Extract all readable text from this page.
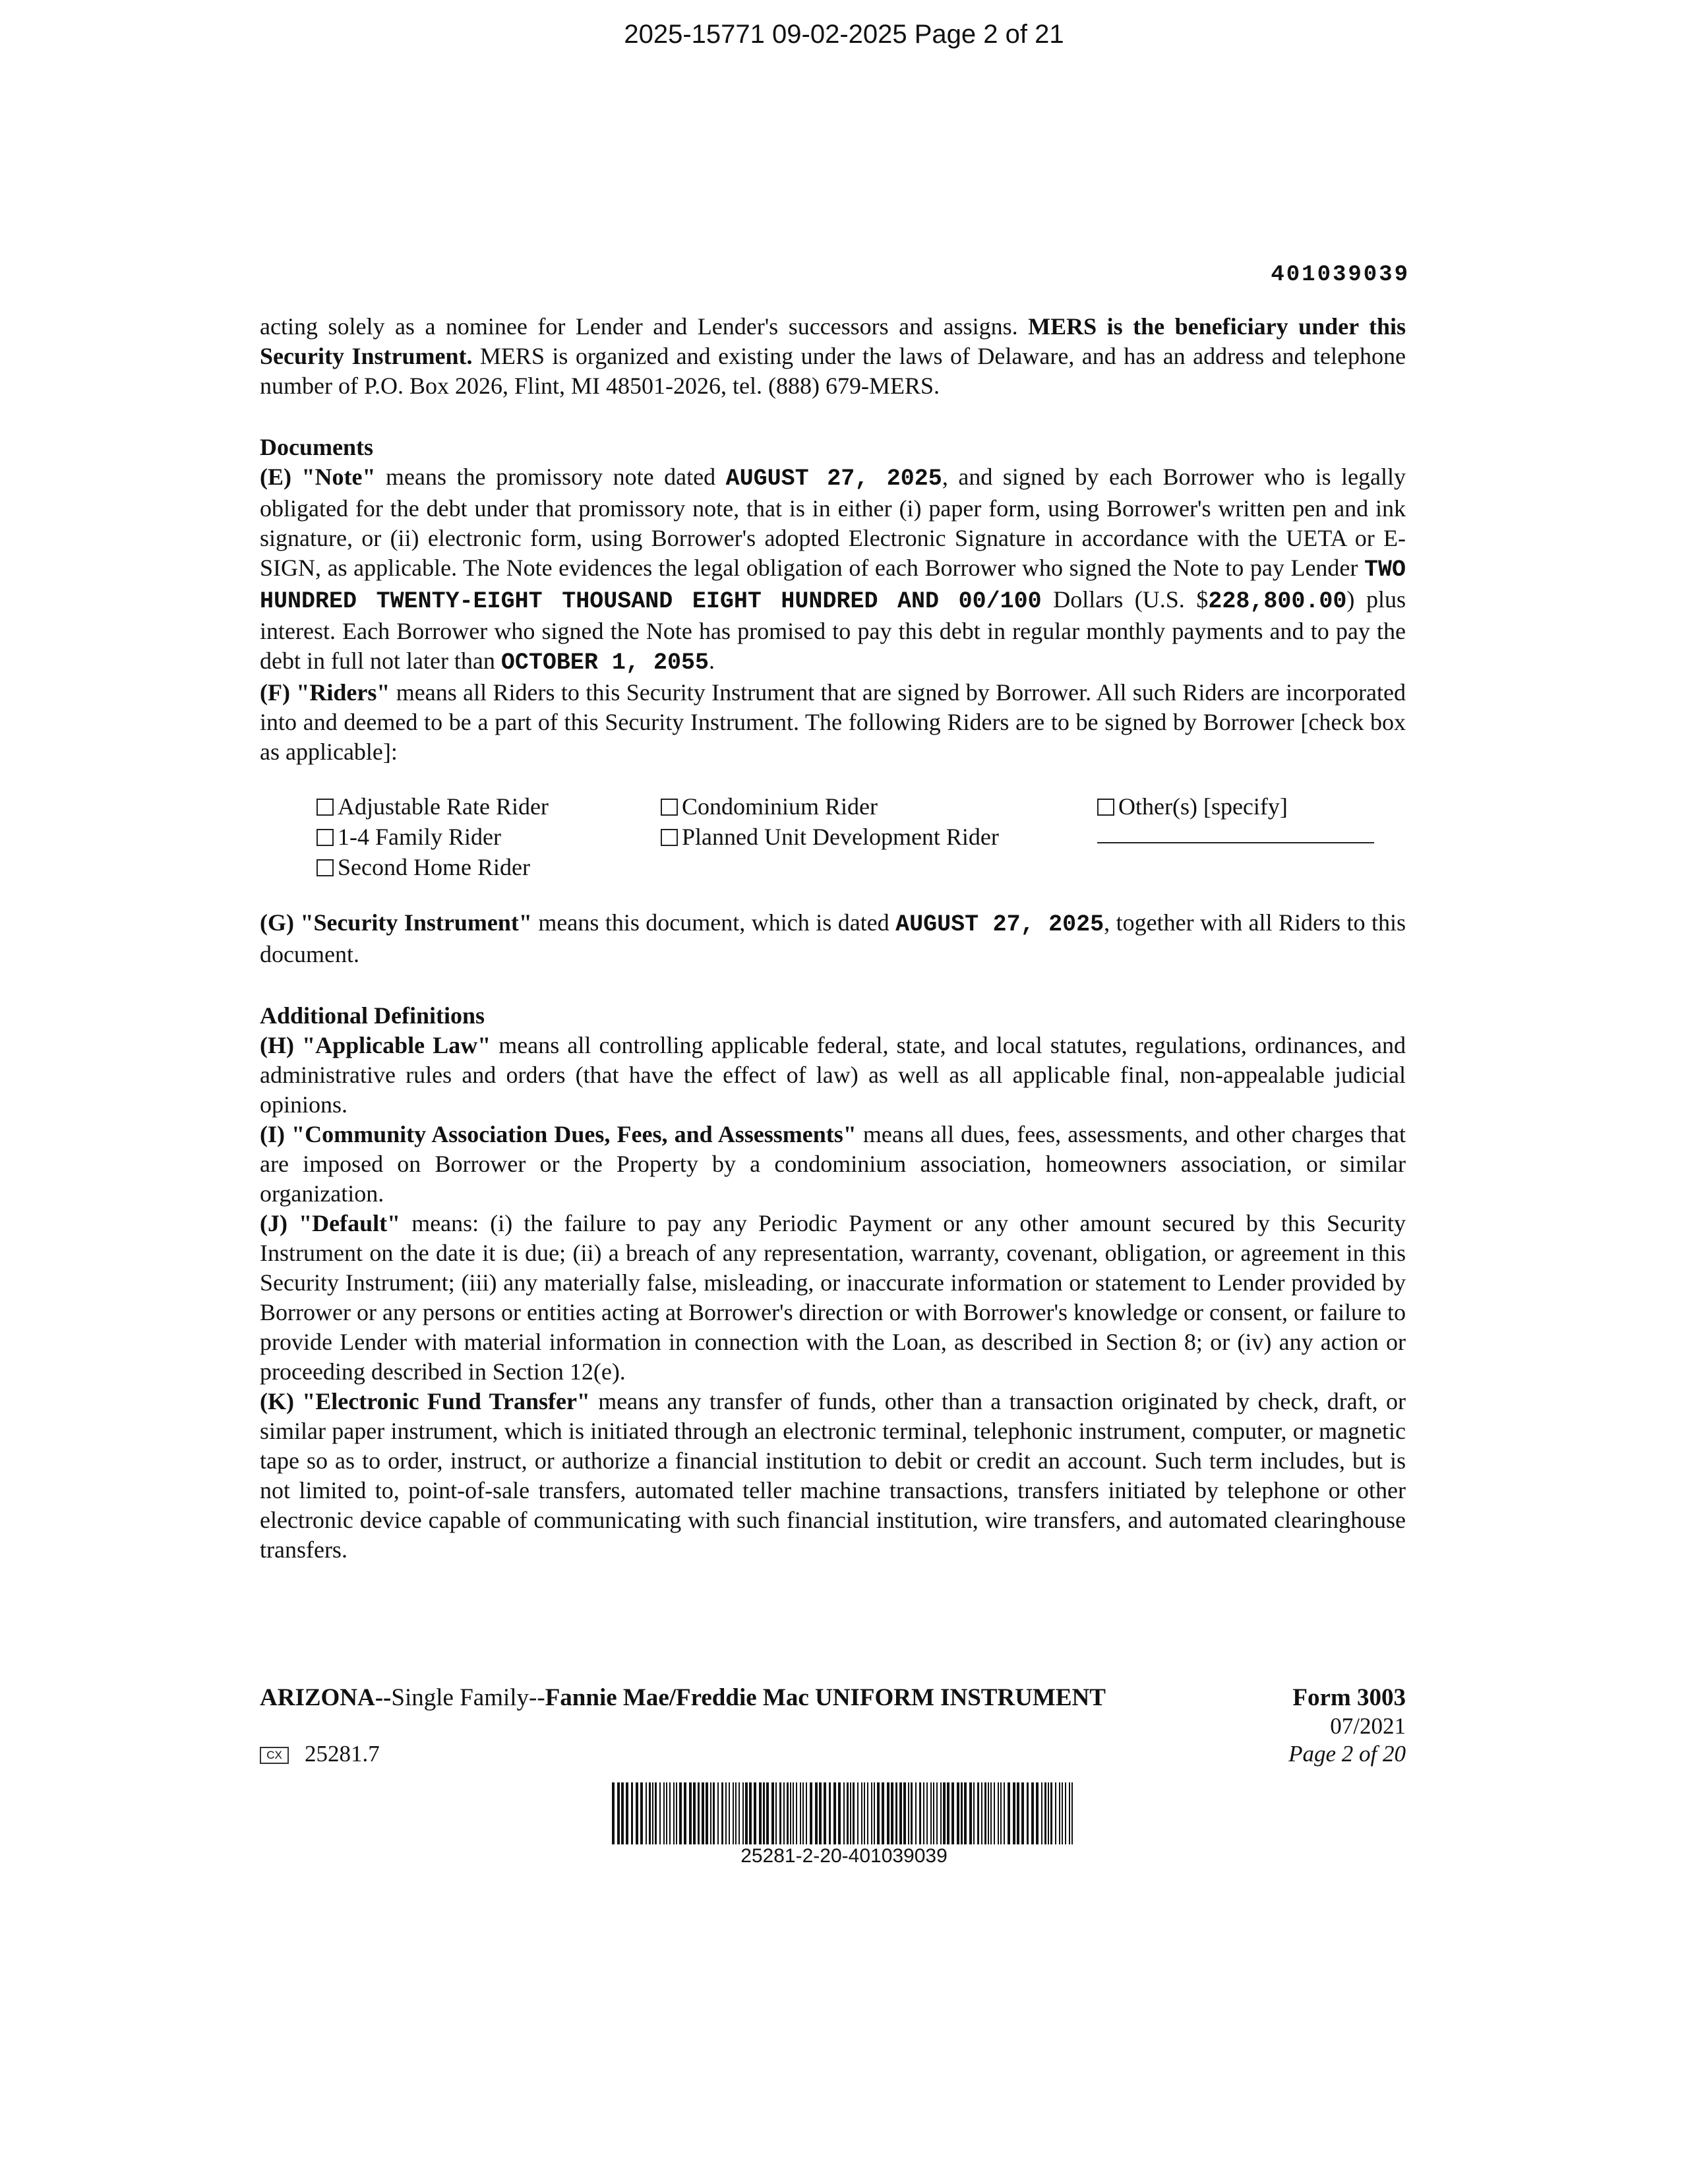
2025-15771 09-02-2025 Page 2 of 21
401039039

acting solely as a nominee for Lender and Lender's successors and assigns. MERS is the beneficiary under this Security Instrument. MERS is organized and existing under the laws of Delaware, and has an address and telephone number of P.O. Box 2026, Flint, MI 48501-2026, tel. (888) 679-MERS.

Documents

(E) "Note" means the promissory note dated AUGUST 27, 2025, and signed by each Borrower who is legally obligated for the debt under that promissory note, that is in either (i) paper form, using Borrower's written pen and ink signature, or (ii) electronic form, using Borrower's adopted Electronic Signature in accordance with the UETA or E-SIGN, as applicable. The Note evidences the legal obligation of each Borrower who signed the Note to pay Lender TWO HUNDRED TWENTY-EIGHT THOUSAND EIGHT HUNDRED AND 00/100 Dollars (U.S. $228,800.00) plus interest. Each Borrower who signed the Note has promised to pay this debt in regular monthly payments and to pay the debt in full not later than OCTOBER 1, 2055.

(F) "Riders" means all Riders to this Security Instrument that are signed by Borrower. All such Riders are incorporated into and deemed to be a part of this Security Instrument. The following Riders are to be signed by Borrower [check box as applicable]:

Adjustable Rate Rider
1-4 Family Rider
Second Home Rider
Condominium Rider
Planned Unit Development Rider
Other(s) [specify]

(G) "Security Instrument" means this document, which is dated AUGUST 27, 2025, together with all Riders to this document.

Additional Definitions

(H) "Applicable Law" means all controlling applicable federal, state, and local statutes, regulations, ordinances, and administrative rules and orders (that have the effect of law) as well as all applicable final, non-appealable judicial opinions.

(I) "Community Association Dues, Fees, and Assessments" means all dues, fees, assessments, and other charges that are imposed on Borrower or the Property by a condominium association, homeowners association, or similar organization.

(J) "Default" means: (i) the failure to pay any Periodic Payment or any other amount secured by this Security Instrument on the date it is due; (ii) a breach of any representation, warranty, covenant, obligation, or agreement in this Security Instrument; (iii) any materially false, misleading, or inaccurate information or statement to Lender provided by Borrower or any persons or entities acting at Borrower's direction or with Borrower's knowledge or consent, or failure to provide Lender with material information in connection with the Loan, as described in Section 8; or (iv) any action or proceeding described in Section 12(e).

(K) "Electronic Fund Transfer" means any transfer of funds, other than a transaction originated by check, draft, or similar paper instrument, which is initiated through an electronic terminal, telephonic instrument, computer, or magnetic tape so as to order, instruct, or authorize a financial institution to debit or credit an account. Such term includes, but is not limited to, point-of-sale transfers, automated teller machine transactions, transfers initiated by telephone or other electronic device capable of communicating with such financial institution, wire transfers, and automated clearinghouse transfers.

ARIZONA--Single Family--Fannie Mae/Freddie Mac UNIFORM INSTRUMENT	Form 3003
07/2021
Page 2 of 20
CX 25281.7
25281-2-20-401039039
